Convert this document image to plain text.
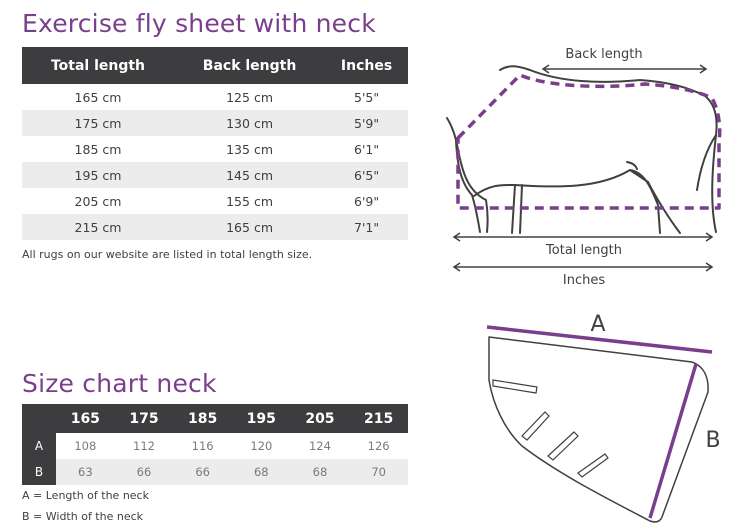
Exercise fly sheet with neck
Total length	Back length	Inches
165 cm	125 cm	5'5"
175 cm	130 cm	5'9"
185 cm	135 cm	6'1"
195 cm	145 cm	6'5"
205 cm	155 cm	6'9"
215 cm	165 cm	7'1"

All rugs on our website are listed in total length size.

Back length
Total length
Inches
A
B
Size chart neck
	165	175	185	195	205	215
A	108	112	116	120	124	126
B	63	66	66	68	68	70

A = Length of the neck

B = Width of the neck
